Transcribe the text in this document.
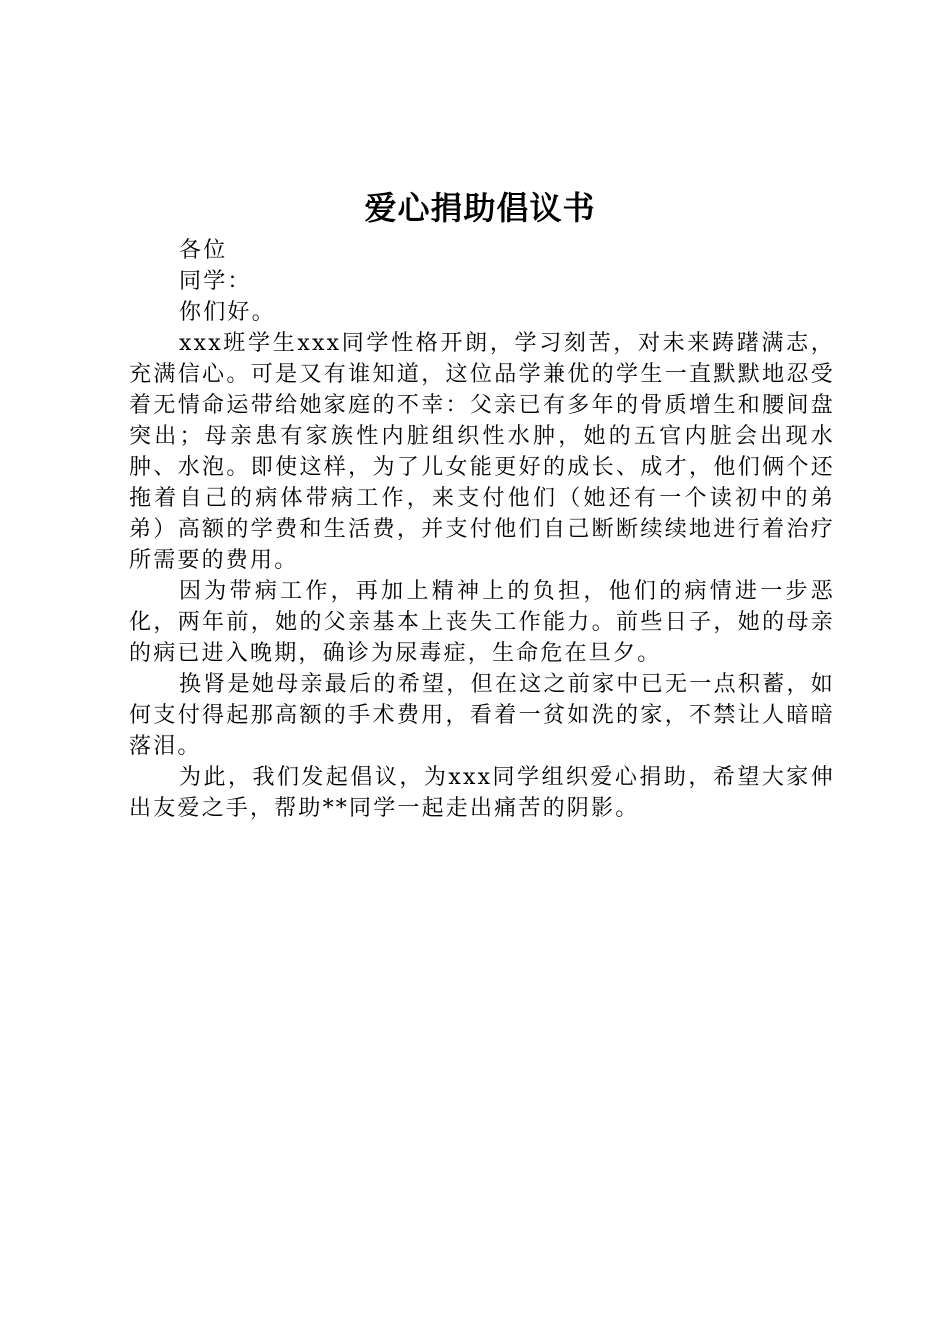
爱心捐助倡议书

各位

同学：

你们好。

xxx班学生xxx同学性格开朗，学习刻苦，对未来踌躇满志，充满信心。可是又有谁知道，这位品学兼优的学生一直默默地忍受着无情命运带给她家庭的不幸：父亲已有多年的骨质增生和腰间盘突出；母亲患有家族性内脏组织性水肿，她的五官内脏会出现水肿、水泡。即使这样，为了儿女能更好的成长、成才，他们俩个还拖着自己的病体带病工作，来支付他们（她还有一个读初中的弟弟）高额的学费和生活费，并支付他们自己断断续续地进行着治疗所需要的费用。

因为带病工作，再加上精神上的负担，他们的病情进一步恶化，两年前，她的父亲基本上丧失工作能力。前些日子，她的母亲的病已进入晚期，确诊为尿毒症，生命危在旦夕。

换肾是她母亲最后的希望，但在这之前家中已无一点积蓄，如何支付得起那高额的手术费用，看着一贫如洗的家，不禁让人暗暗落泪。

为此，我们发起倡议，为xxx同学组织爱心捐助，希望大家伸出友爱之手，帮助**同学一起走出痛苦的阴影。
